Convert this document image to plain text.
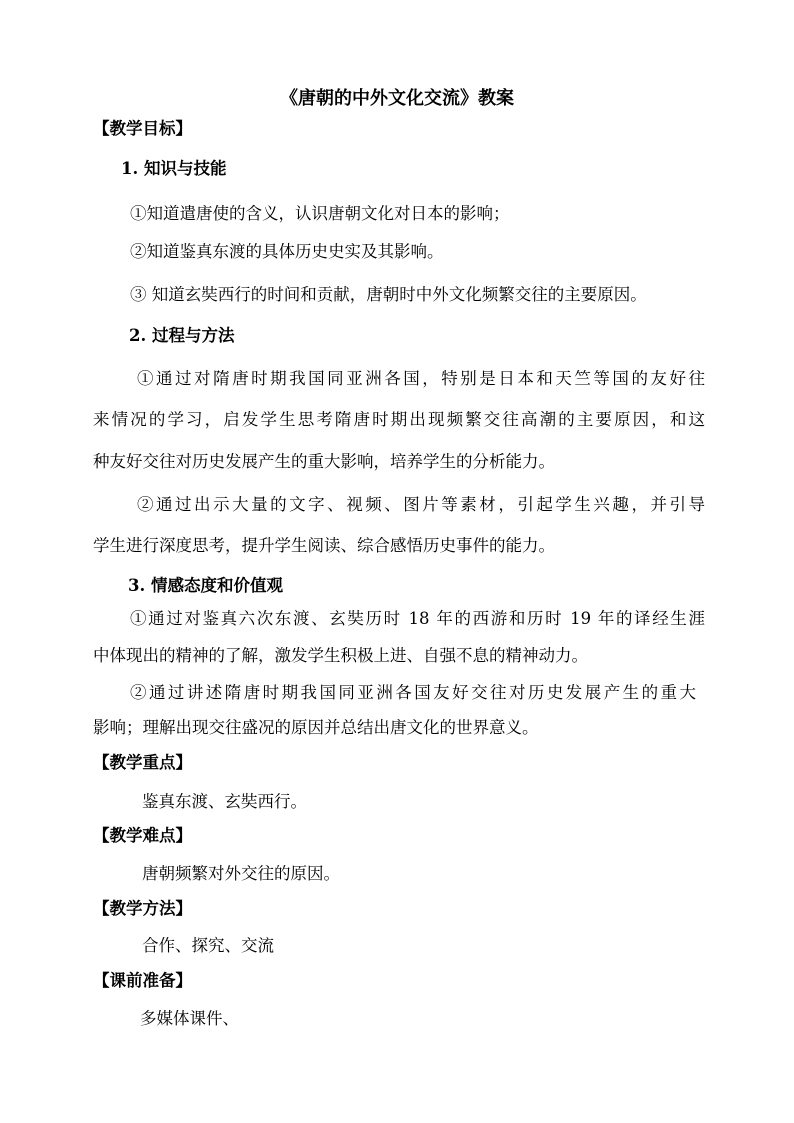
《唐朝的中外文化交流》教案
【教学目标】
1. 知识与技能
①知道遣唐使的含义，认识唐朝文化对日本的影响；
②知道鉴真东渡的具体历史史实及其影响。
③ 知道玄奘西行的时间和贡献，唐朝时中外文化频繁交往的主要原因。
2. 过程与方法
①通过对隋唐时期我国同亚洲各国，特别是日本和天竺等国的友好往
来情况的学习，启发学生思考隋唐时期出现频繁交往高潮的主要原因，和这
种友好交往对历史发展产生的重大影响，培养学生的分析能力。
②通过出示大量的文字、视频、图片等素材，引起学生兴趣，并引导
学生进行深度思考，提升学生阅读、综合感悟历史事件的能力。
3. 情感态度和价值观
①通过对鉴真六次东渡、玄奘历时 18 年的西游和历时 19 年的译经生涯
中体现出的精神的了解，激发学生积极上进、自强不息的精神动力。
②通过讲述隋唐时期我国同亚洲各国友好交往对历史发展产生的重大
影响；理解出现交往盛况的原因并总结出唐文化的世界意义。
【教学重点】
鉴真东渡、玄奘西行。
【教学难点】
唐朝频繁对外交往的原因。
【教学方法】
合作、探究、交流
【课前准备】
多媒体课件、
